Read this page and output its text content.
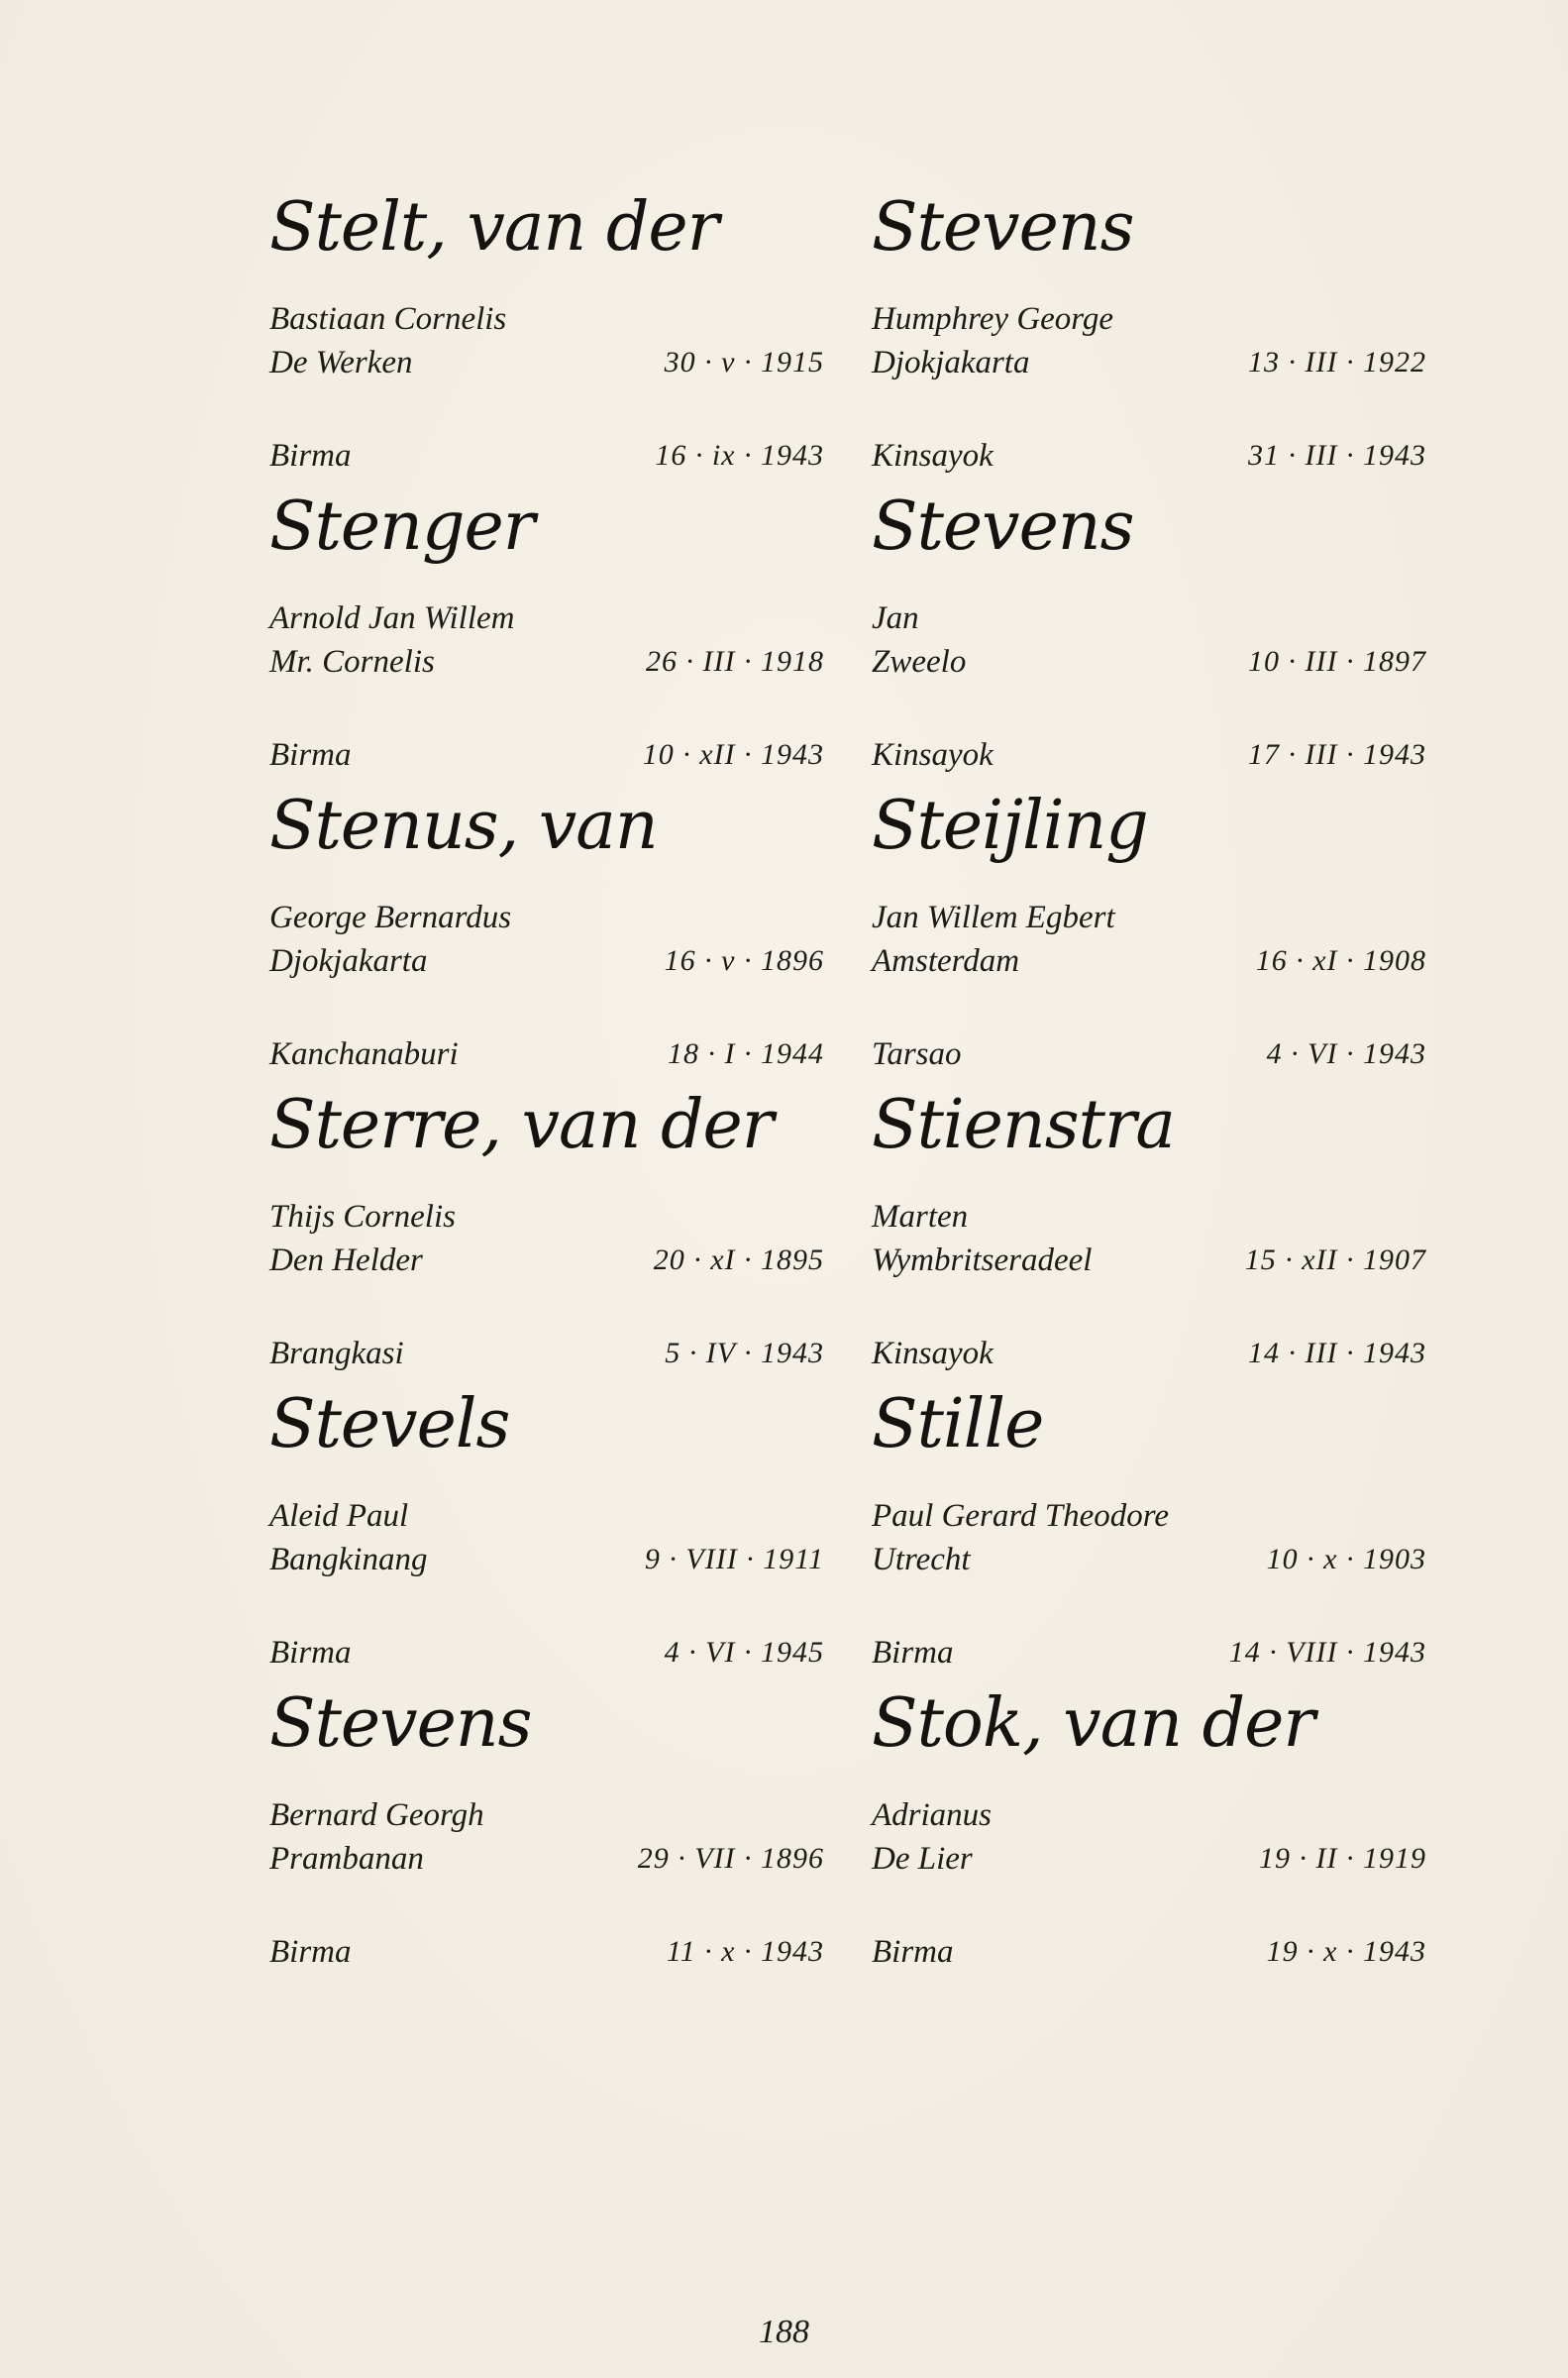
Stelt, van der
Bastiaan Cornelis
De Werken	30 · v · 1915
Birma	16 · ix · 1943
Stenger
Arnold Jan Willem
Mr. Cornelis	26 · III · 1918
Birma	10 · xII · 1943
Stenus, van
George Bernardus
Djokjakarta	16 · v · 1896
Kanchanaburi	18 · I · 1944
Sterre, van der
Thijs Cornelis
Den Helder	20 · xI · 1895
Brangkasi	5 · IV · 1943
Stevels
Aleid Paul
Bangkinang	9 · VIII · 1911
Birma	4 · VI · 1945
Stevens
Bernard Georgh
Prambanan	29 · VII · 1896
Birma	11 · x · 1943
Stevens
Humphrey George
Djokjakarta	13 · III · 1922
Kinsayok	31 · III · 1943
Stevens
Jan
Zweelo	10 · III · 1897
Kinsayok	17 · III · 1943
Steijling
Jan Willem Egbert
Amsterdam	16 · xI · 1908
Tarsao	4 · VI · 1943
Stienstra
Marten
Wymbritseradeel	15 · xII · 1907
Kinsayok	14 · III · 1943
Stille
Paul Gerard Theodore
Utrecht	10 · x · 1903
Birma	14 · VIII · 1943
Stok, van der
Adrianus
De Lier	19 · II · 1919
Birma	19 · x · 1943
188
